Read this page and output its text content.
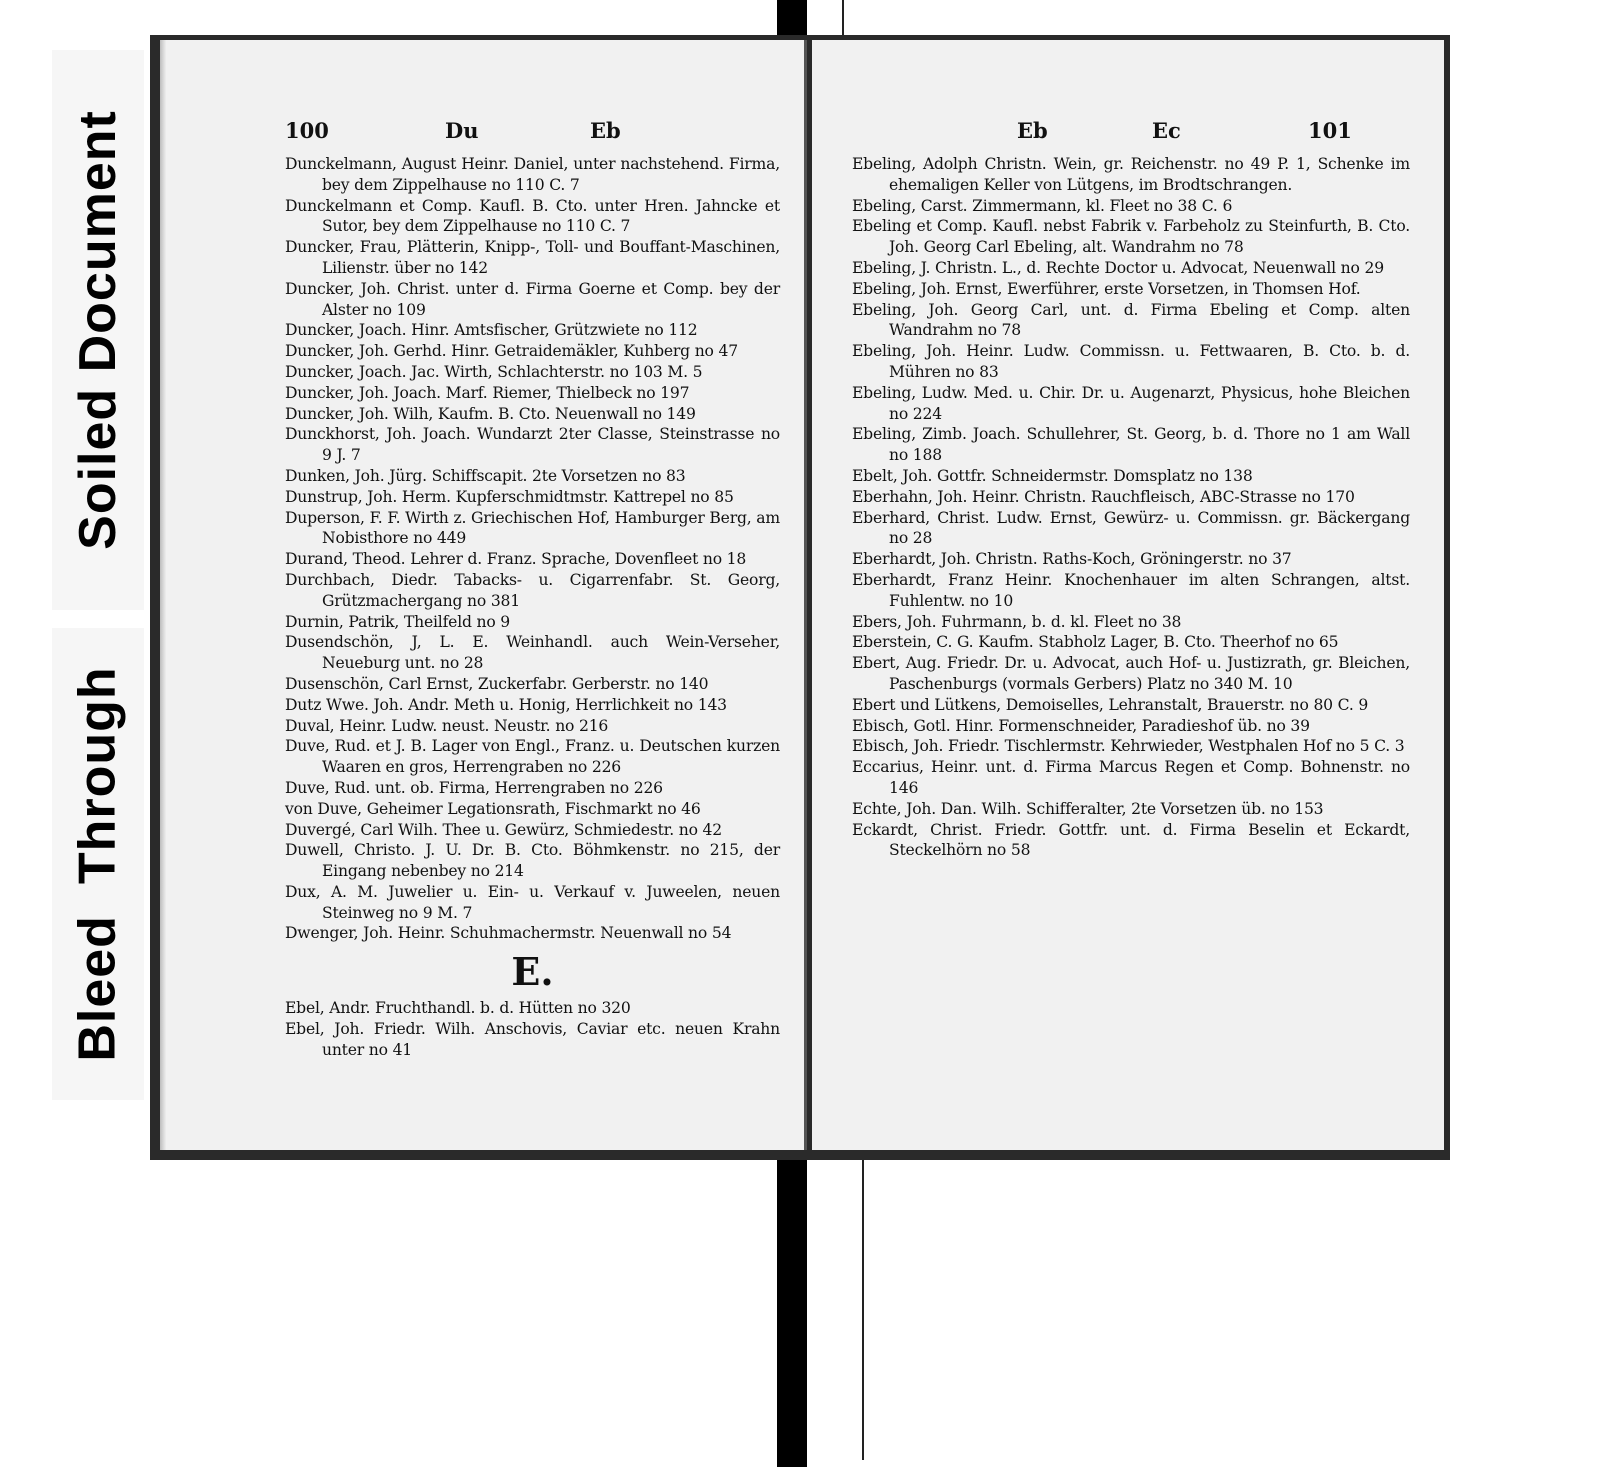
Soiled Document
Bleed  Through
100	Du	Eb
Dunckelmann, August Heinr. Daniel, unter nachstehend. Firma, bey dem Zippelhause no 110 C. 7
Dunckelmann et Comp. Kaufl. B. Cto. unter Hren. Jahncke et Sutor, bey dem Zippelhause no 110 C. 7
Duncker, Frau, Plätterin, Knipp-, Toll- und Bouffant-Maschinen, Lilienstr. über no 142
Duncker, Joh. Christ. unter d. Firma Goerne et Comp. bey der Alster no 109
Duncker, Joach. Hinr. Amtsfischer, Grützwiete no 112
Duncker, Joh. Gerhd. Hinr. Getraidemäkler, Kuhberg no 47
Duncker, Joach. Jac. Wirth, Schlachterstr. no 103 M. 5
Duncker, Joh. Joach. Marf. Riemer, Thielbeck no 197
Duncker, Joh. Wilh, Kaufm. B. Cto. Neuenwall no 149
Dunckhorst, Joh. Joach. Wundarzt 2ter Classe, Steinstrasse no 9 J. 7
Dunken, Joh. Jürg. Schiffscapit. 2te Vorsetzen no 83
Dunstrup, Joh. Herm. Kupferschmidtmstr. Kattrepel no 85
Duperson, F. F. Wirth z. Griechischen Hof, Hamburger Berg, am Nobisthore no 449
Durand, Theod. Lehrer d. Franz. Sprache, Dovenfleet no 18
Durchbach, Diedr. Tabacks- u. Cigarrenfabr. St. Georg, Grützmachergang no 381
Durnin, Patrik, Theilfeld no 9
Dusendschön, J, L. E. Weinhandl. auch Wein-Verseher, Neueburg unt. no 28
Dusenschön, Carl Ernst, Zuckerfabr. Gerberstr. no 140
Dutz Wwe. Joh. Andr. Meth u. Honig, Herrlichkeit no 143
Duval, Heinr. Ludw. neust. Neustr. no 216
Duve, Rud. et J. B. Lager von Engl., Franz. u. Deutschen kurzen Waaren en gros, Herrengraben no 226
Duve, Rud. unt. ob. Firma, Herrengraben no 226
von Duve, Geheimer Legationsrath, Fischmarkt no 46
Duvergé, Carl Wilh. Thee u. Gewürz, Schmiedestr. no 42
Duwell, Christo. J. U. Dr. B. Cto. Böhmkenstr. no 215, der Eingang nebenbey no 214
Dux, A. M. Juwelier u. Ein- u. Verkauf v. Juweelen, neuen Steinweg no 9 M. 7
Dwenger, Joh. Heinr. Schuhmachermstr. Neuenwall no 54
E.
Ebel, Andr. Fruchthandl. b. d. Hütten no 320
Ebel, Joh. Friedr. Wilh. Anschovis, Caviar etc. neuen Krahn unter no 41
Eb	Ec	101
Ebeling, Adolph Christn. Wein, gr. Reichenstr. no 49 P. 1, Schenke im ehemaligen Keller von Lütgens, im Brodtschrangen.
Ebeling, Carst. Zimmermann, kl. Fleet no 38 C. 6
Ebeling et Comp. Kaufl. nebst Fabrik v. Farbeholz zu Steinfurth, B. Cto. Joh. Georg Carl Ebeling, alt. Wandrahm no 78
Ebeling, J. Christn. L., d. Rechte Doctor u. Advocat, Neuenwall no 29
Ebeling, Joh. Ernst, Ewerführer, erste Vorsetzen, in Thomsen Hof.
Ebeling, Joh. Georg Carl, unt. d. Firma Ebeling et Comp. alten Wandrahm no 78
Ebeling, Joh. Heinr. Ludw. Commissn. u. Fettwaaren, B. Cto. b. d. Mühren no 83
Ebeling, Ludw. Med. u. Chir. Dr. u. Augenarzt, Physicus, hohe Bleichen no 224
Ebeling, Zimb. Joach. Schullehrer, St. Georg, b. d. Thore no 1 am Wall no 188
Ebelt, Joh. Gottfr. Schneidermstr. Domsplatz no 138
Eberhahn, Joh. Heinr. Christn. Rauchfleisch, ABC-Strasse no 170
Eberhard, Christ. Ludw. Ernst, Gewürz- u. Commissn. gr. Bäckergang no 28
Eberhardt, Joh. Christn. Raths-Koch, Gröningerstr. no 37
Eberhardt, Franz Heinr. Knochenhauer im alten Schrangen, altst. Fuhlentw. no 10
Ebers, Joh. Fuhrmann, b. d. kl. Fleet no 38
Eberstein, C. G. Kaufm. Stabholz Lager, B. Cto. Theerhof no 65
Ebert, Aug. Friedr. Dr. u. Advocat, auch Hof- u. Justizrath, gr. Bleichen, Paschenburgs (vormals Gerbers) Platz no 340 M. 10
Ebert und Lütkens, Demoiselles, Lehranstalt, Brauerstr. no 80 C. 9
Ebisch, Gotl. Hinr. Formenschneider, Paradieshof üb. no 39
Ebisch, Joh. Friedr. Tischlermstr. Kehrwieder, Westphalen Hof no 5 C. 3
Eccarius, Heinr. unt. d. Firma Marcus Regen et Comp. Bohnenstr. no 146
Echte, Joh. Dan. Wilh. Schifferalter, 2te Vorsetzen üb. no 153
Eckardt, Christ. Friedr. Gottfr. unt. d. Firma Beselin et Eckardt, Steckelhörn no 58
